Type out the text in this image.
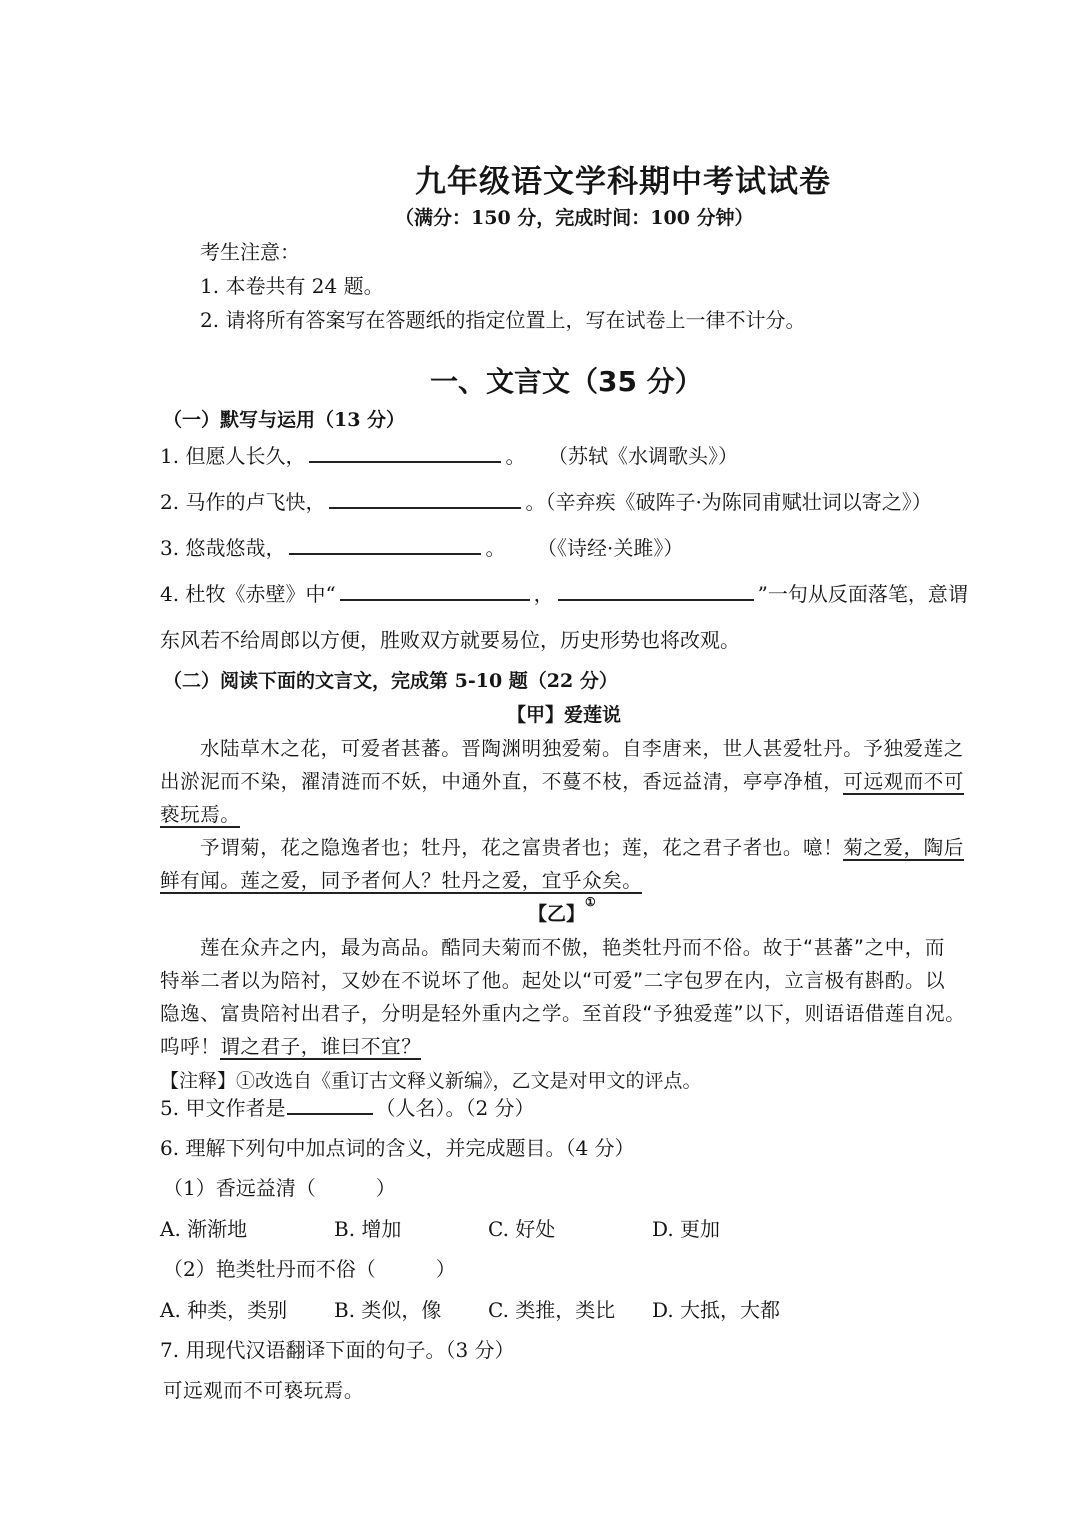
九年级语文学科期中考试试卷
（满分：150 分，完成时间：100 分钟）
考生注意：
1. 本卷共有 24 题。
2. 请将所有答案写在答题纸的指定位置上，写在试卷上一律不计分。
一、文言文（35 分）
（一）默写与运用（13 分）
1. 但愿人长久，	。 （苏轼《水调歌头》）
2. 马作的卢飞快，	。（辛弃疾《破阵子·为陈同甫赋壮词以寄之》）
3. 悠哉悠哉，	。 （《诗经·关雎》）
4. 杜牧《赤壁》中“	，	”一句从反面落笔，意谓
东风若不给周郎以方便，胜败双方就要易位，历史形势也将改观。
（二）阅读下面的文言文，完成第 5-10 题（22 分）
【甲】爱莲说
水陆草木之花，可爱者甚蕃。晋陶渊明独爱菊。自李唐来，世人甚爱牡丹。予独爱莲之
出淤泥而不染，濯清涟而不妖，中通外直，不蔓不枝，香远益清，亭亭净植，可远观而不可
亵玩焉。
予谓菊，花之隐逸者也；牡丹，花之富贵者也；莲，花之君子者也。噫！菊之爱，陶后
鲜有闻。莲之爱，同予者何人？牡丹之爱，宜乎众矣。
【乙】①
莲在众卉之内，最为高品。酷同夫菊而不傲，艳类牡丹而不俗。故于“甚蕃”之中，而
特举二者以为陪衬，又妙在不说坏了他。起处以“可爱”二字包罗在内，立言极有斟酌。以
隐逸、富贵陪衬出君子，分明是轻外重内之学。至首段“予独爱莲”以下，则语语借莲自况。
呜呼！谓之君子，谁曰不宜？
【注释】①改选自《重订古文释义新编》，乙文是对甲文的评点。
5. 甲文作者是	（人名）。（2 分）
6. 理解下列句中加点词的含义，并完成题目。（4 分）
（1）香远益清（　　　）
A. 渐渐地	B. 增加	C. 好处	D. 更加
（2）艳类牡丹而不俗（　　　）
A. 种类，类别 B. 类似，像 C. 类推，类比 D. 大抵，大都
7. 用现代汉语翻译下面的句子。（3 分）
可远观而不可亵玩焉。
